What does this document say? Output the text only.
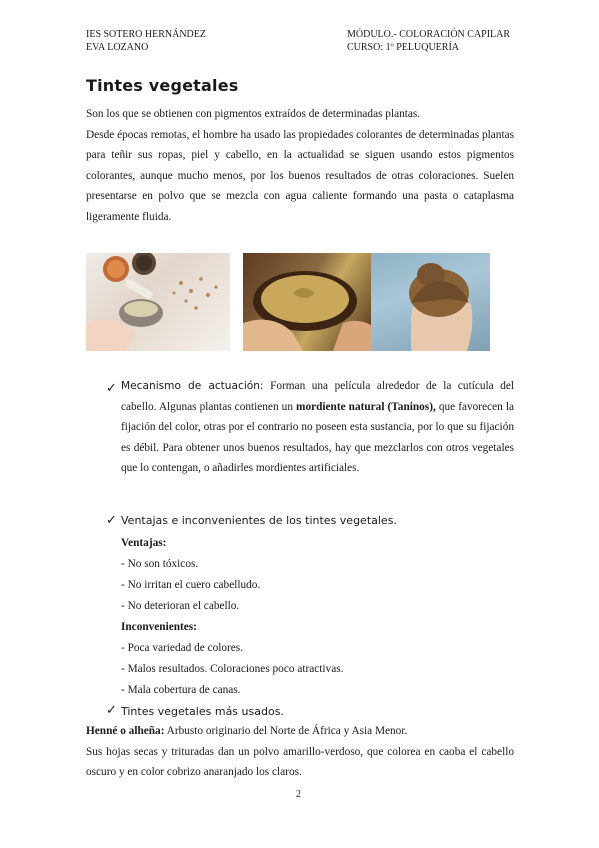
IES SOTERO HERNÁNDEZ
EVA LOZANO
MÓDULO.- COLORACIÓN CAPILAR
CURSO: 1º PELUQUERÍA
Tintes vegetales
Son los que se obtienen con pigmentos extraídos de determinadas plantas.
Desde épocas remotas, el hombre ha usado las propiedades colorantes de determinadas plantas para teñir sus ropas, piel y cabello, en la actualidad se siguen usando estos pigmentos colorantes, aunque mucho menos, por los buenos resultados de otras coloraciones. Suelen presentarse en polvo que se mezcla con agua caliente formando una pasta o cataplasma ligeramente fluida.
✓ Mecanismo de actuación: Forman una película alrededor de la cutícula del cabello. Algunas plantas contienen un mordiente natural (Taninos), que favorecen la fijación del color, otras por el contrario no poseen esta sustancia, por lo que su fijación es débil. Para obtener unos buenos resultados, hay que mezclarlos con otros vegetales que lo contengan, o añadirles mordientes artificiales.
✓ Ventajas e inconvenientes de los tintes vegetales.
Ventajas:
- No son tóxicos.
- No irritan el cuero cabelludo.
- No deterioran el cabello.
Inconvenientes:
- Poca variedad de colores.
- Malos resultados. Coloraciones poco atractivas.
- Mala cobertura de canas.
✓ Tintes vegetales más usados.
Henné o alheña: Arbusto originario del Norte de África y Asia Menor.
Sus hojas secas y trituradas dan un polvo amarillo-verdoso, que colorea en caoba el cabello oscuro y en color cobrizo anaranjado los claros.
2
